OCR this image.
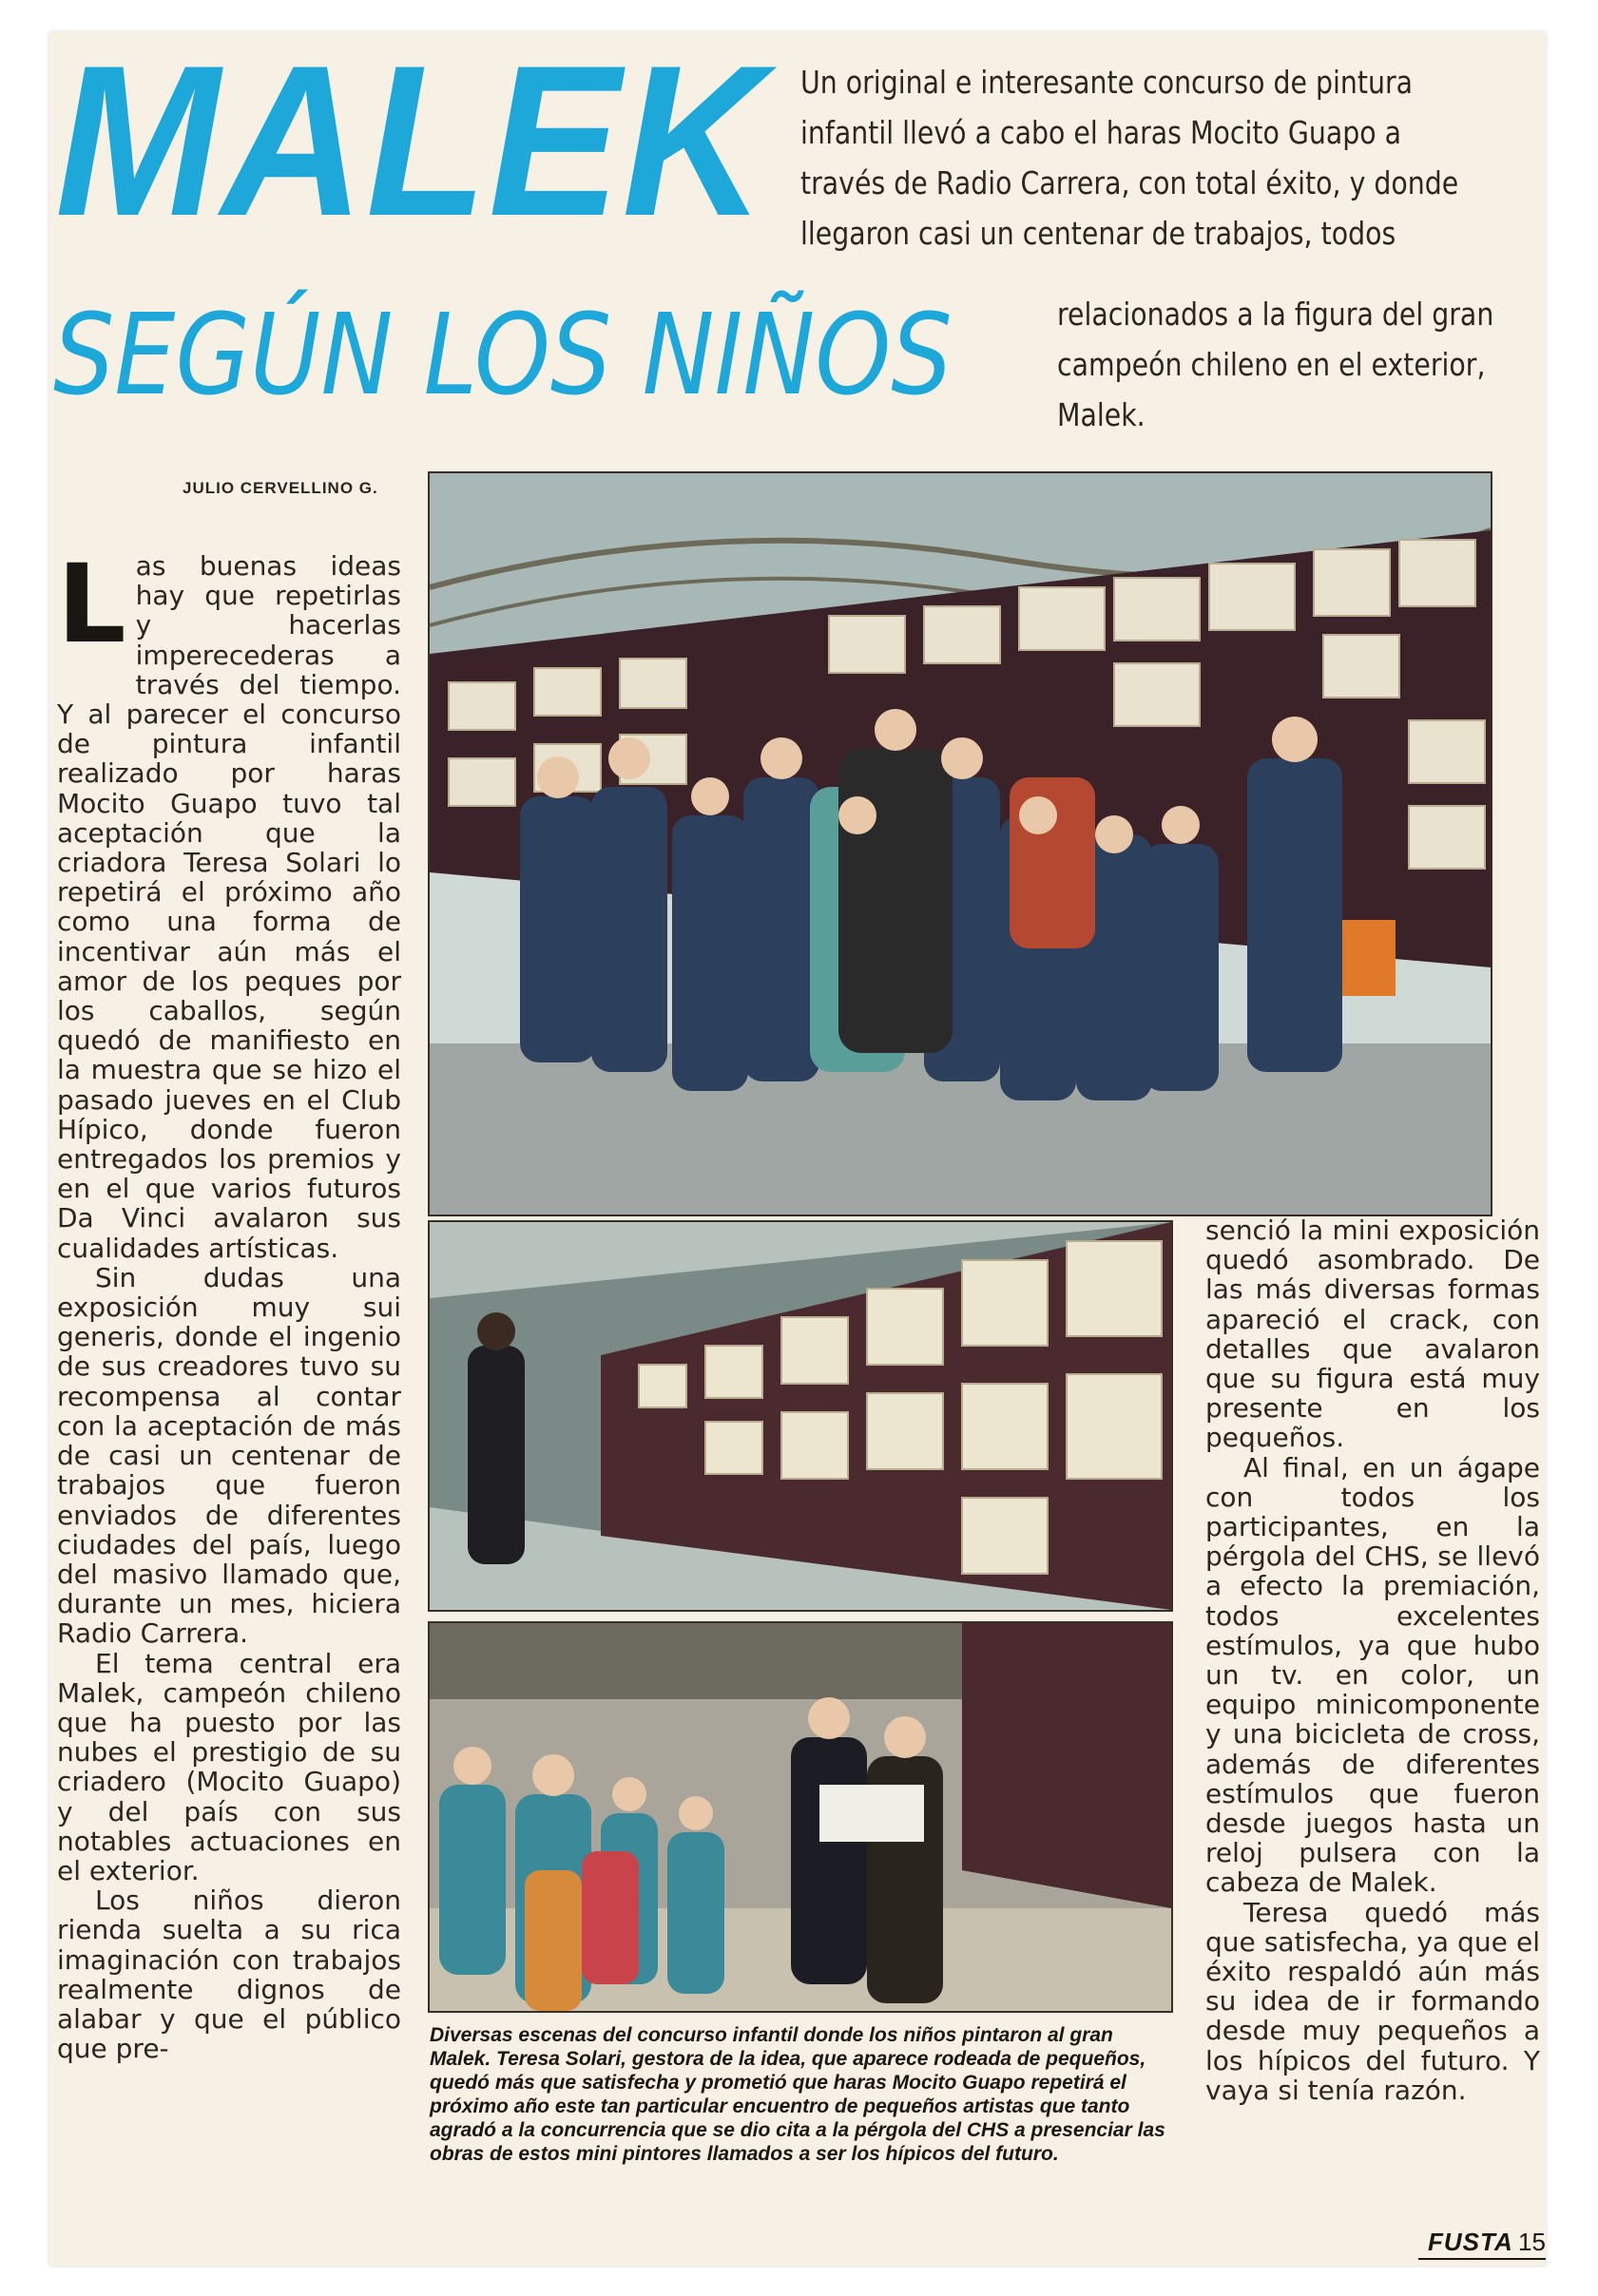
MALEK
SEGÚN LOS NIÑOS
Un original e interesante concurso de pintura
infantil llevó a cabo el haras Mocito Guapo a
través de Radio Carrera, con total éxito, y donde
llegaron casi un centenar de trabajos, todos
relacionados a la figura del gran
campeón chileno en el exterior,
Malek.
JULIO CERVELLINO G.

Las buenas ideas hay que repetirlas y hacerlas imperecederas a través del tiempo. Y al parecer el concurso de pintura infantil realizado por haras Mocito Guapo tuvo tal aceptación que la criadora Teresa Solari lo repetirá el próximo año como una forma de incentivar aún más el amor de los peques por los caballos, según quedó de manifiesto en la muestra que se hizo el pasado jueves en el Club Hípico, donde fueron entregados los premios y en el que varios futuros Da Vinci avalaron sus cualidades artísticas.

Sin dudas una exposición muy sui generis, donde el ingenio de sus creadores tuvo su recompensa al contar con la aceptación de más de casi un centenar de trabajos que fueron enviados de diferentes ciudades del país, luego del masivo llamado que, durante un mes, hiciera Radio Carrera.

El tema central era Malek, campeón chileno que ha puesto por las nubes el prestigio de su criadero (Mocito Guapo) y del país con sus notables actuaciones en el exterior.

Los niños dieron rienda suelta a su rica imaginación con trabajos realmente dignos de alabar y que el público que pre-	Diversas escenas del concurso infantil donde los niños pintaron al gran Malek. Teresa Solari, gestora de la idea, que aparece rodeada de pequeños, quedó más que satisfecha y prometió que haras Mocito Guapo repetirá el próximo año este tan particular encuentro de pequeños artistas que tanto agradó a la concurrencia que se dio cita a la pérgola del CHS a presenciar las obras de estos mini pintores llamados a ser los hípicos del futuro.

senció la mini exposición quedó asombrado. De las más diversas formas apareció el crack, con detalles que avalaron que su figura está muy presente en los pequeños.

Al final, en un ágape con todos los participantes, en la pérgola del CHS, se llevó a efecto la premiación, todos excelentes estímulos, ya que hubo un tv. en color, un equipo minicomponente y una bicicleta de cross, además de diferentes estímulos que fueron desde juegos hasta un reloj pulsera con la cabeza de Malek.

Teresa quedó más que satisfecha, ya que el éxito respaldó aún más su idea de ir formando desde muy pequeños a los hípicos del futuro. Y vaya si tenía razón.

FUSTA 15
